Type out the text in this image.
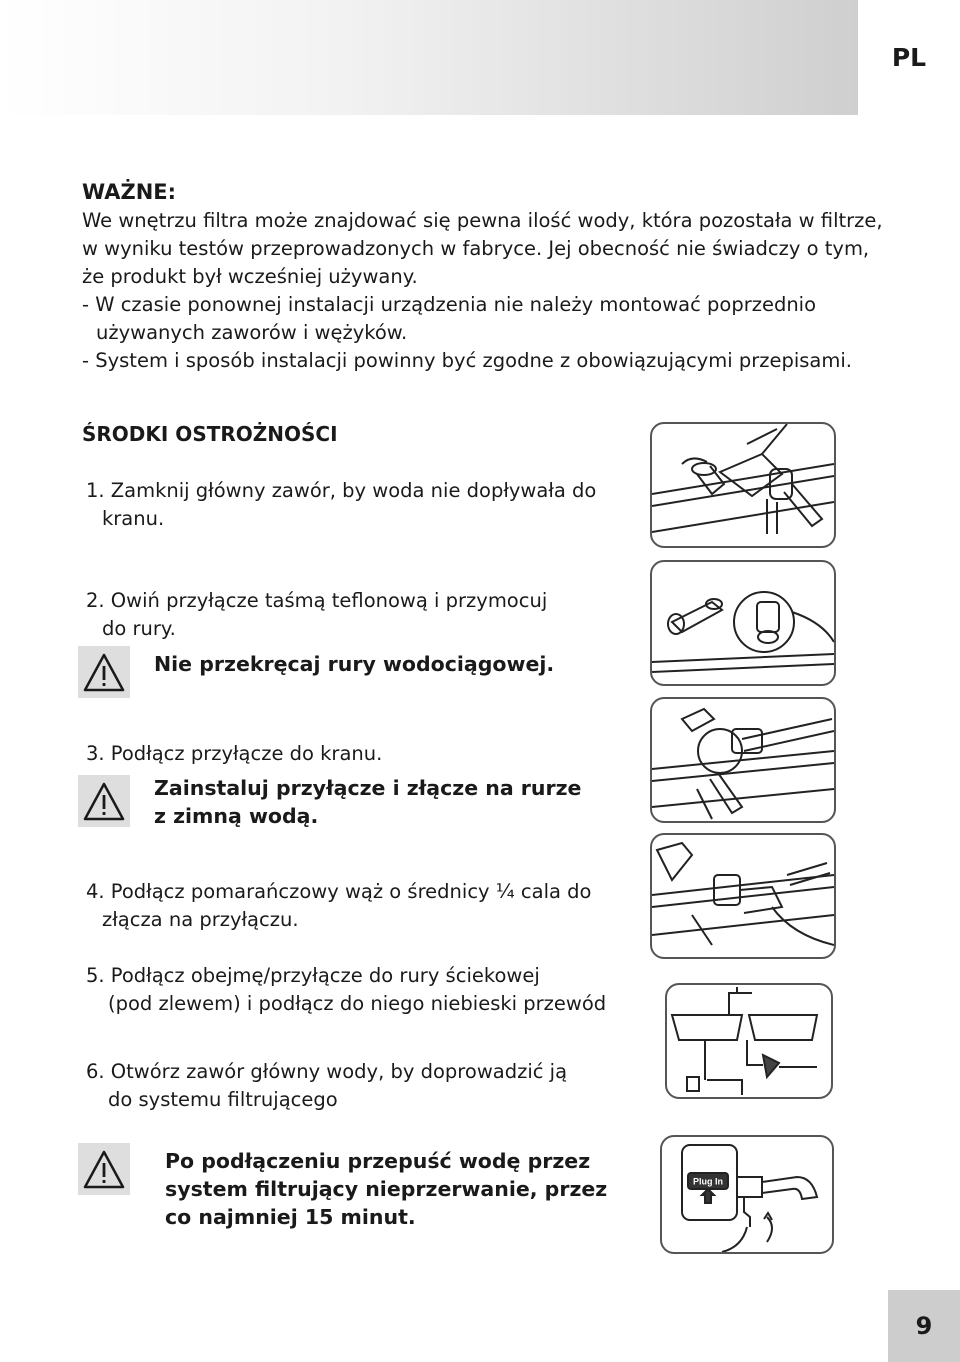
PL
WAŻNE:
We wnętrzu filtra może znajdować się pewna ilość wody, która pozostała w filtrze,
w wyniku testów przeprowadzonych w fabryce. Jej obecność nie świadczy o tym,
że produkt był wcześniej używany.
- W czasie ponownej instalacji urządzenia nie należy montować poprzednio
używanych zaworów i wężyków.
- System i sposób instalacji powinny być zgodne z obowiązującymi przepisami.
ŚRODKI OSTROŻNOŚCI
1. Zamknij główny zawór, by woda nie dopływała do
kranu.
2. Owiń przyłącze taśmą teflonową i przymocuj
do rury.
Nie przekręcaj rury wodociągowej.
3. Podłącz przyłącze do kranu.
Zainstaluj przyłącze i złącze na rurze
z zimną wodą.
4. Podłącz pomarańczowy wąż o średnicy ¼ cala do
złącza na przyłączu.
5. Podłącz obejmę/przyłącze do rury ściekowej
(pod zlewem) i podłącz do niego niebieski przewód
6. Otwórz zawór główny wody, by doprowadzić ją
do systemu filtrującego
Po podłączeniu przepuść wodę przez
system filtrujący nieprzerwanie, przez
co najmniej 15 minut.
Plug In
9
